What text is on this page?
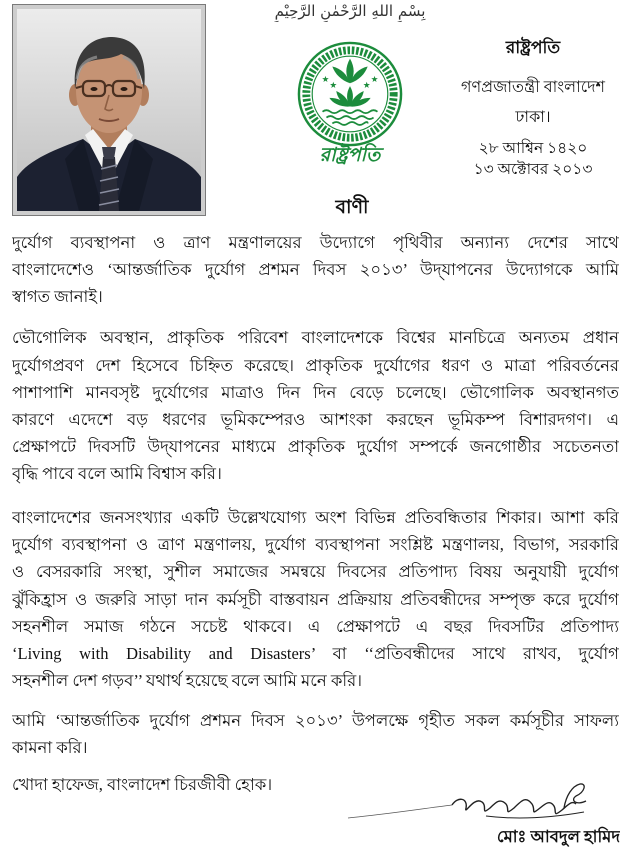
بِسْمِ اللهِ الرَّحْمٰنِ الرَّحِيْمِ
রাষ্ট্রপতি
রাষ্ট্রপতি
গণপ্রজাতন্ত্রী বাংলাদেশ
ঢাকা।
২৮ আশ্বিন ১৪২০
১৩ অক্টোবর ২০১৩
বাণী
দুর্যোগ ব্যবস্থাপনা ও ত্রাণ মন্ত্রণালয়ের উদ্যোগে পৃথিবীর অন্যান্য দেশের সাথে
বাংলাদেশেও ‘আন্তর্জাতিক দুর্যোগ প্রশমন দিবস ২০১৩’ উদ্‌যাপনের উদ্যোগকে আমি
স্বাগত জানাই।
ভৌগোলিক অবস্থান, প্রাকৃতিক পরিবেশ বাংলাদেশকে বিশ্বের মানচিত্রে অন্যতম প্রধান
দুর্যোগপ্রবণ দেশ হিসেবে চিহ্নিত করেছে। প্রাকৃতিক দুর্যোগের ধরণ ও মাত্রা পরিবর্তনের
পাশাপাশি মানবসৃষ্ট দুর্যোগের মাত্রাও দিন দিন বেড়ে চলেছে। ভৌগোলিক অবস্থানগত
কারণে এদেশে বড় ধরণের ভূমিকম্পেরও আশংকা করছেন ভূমিকম্প বিশারদগণ। এ
প্রেক্ষাপটে দিবসটি উদ্‌যাপনের মাধ্যমে প্রাকৃতিক দুর্যোগ সম্পর্কে জনগোষ্ঠীর সচেতনতা
বৃদ্ধি পাবে বলে আমি বিশ্বাস করি।
বাংলাদেশের জনসংখ্যার একটি উল্লেখযোগ্য অংশ বিভিন্ন প্রতিবন্ধিতার শিকার। আশা করি
দুর্যোগ ব্যবস্থাপনা ও ত্রাণ মন্ত্রণালয়, দুর্যোগ ব্যবস্থাপনা সংশ্লিষ্ট মন্ত্রণালয়, বিভাগ, সরকারি
ও বেসরকারি সংস্থা, সুশীল সমাজের সমন্বয়ে দিবসের প্রতিপাদ্য বিষয় অনুযায়ী দুর্যোগ
ঝুঁকিহ্রাস ও জরুরি সাড়া দান কর্মসূচী বাস্তবায়ন প্রক্রিয়ায় প্রতিবন্ধীদের সম্পৃক্ত করে দুর্যোগ
সহনশীল সমাজ গঠনে সচেষ্ট থাকবে। এ প্রেক্ষাপটে এ বছর দিবসটির প্রতিপাদ্য
‘Living with Disability and Disasters’ বা ‘‘প্রতিবন্ধীদের সাথে রাখব, দুর্যোগ
সহনশীল দেশ গড়ব’’ যথার্থ হয়েছে বলে আমি মনে করি।
আমি ‘আন্তর্জাতিক দুর্যোগ প্রশমন দিবস ২০১৩’ উপলক্ষে গৃহীত সকল কর্মসূচীর সাফল্য
কামনা করি।
খোদা হাফেজ, বাংলাদেশ চিরজীবী হোক।
মোঃ আবদুল হামিদ
